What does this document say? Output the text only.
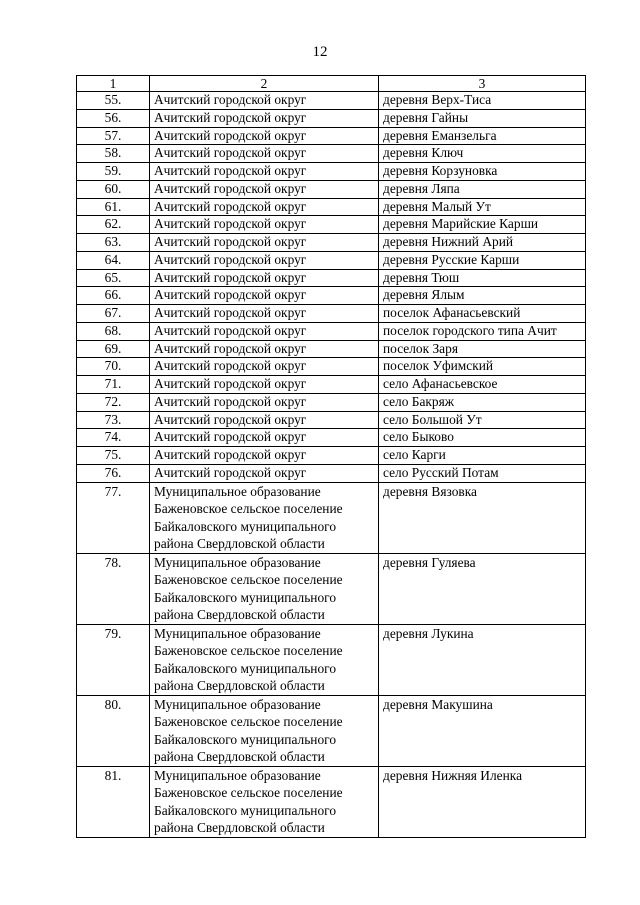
12
1	2	3
55.	Ачитский городской округ	деревня Верх-Тиса
56.	Ачитский городской округ	деревня Гайны
57.	Ачитский городской округ	деревня Еманзельга
58.	Ачитский городской округ	деревня Ключ
59.	Ачитский городской округ	деревня Корзуновка
60.	Ачитский городской округ	деревня Ляпа
61.	Ачитский городской округ	деревня Малый Ут
62.	Ачитский городской округ	деревня Марийские Карши
63.	Ачитский городской округ	деревня Нижний Арий
64.	Ачитский городской округ	деревня Русские Карши
65.	Ачитский городской округ	деревня Тюш
66.	Ачитский городской округ	деревня Ялым
67.	Ачитский городской округ	поселок Афанасьевский
68.	Ачитский городской округ	поселок городского типа Ачит
69.	Ачитский городской округ	поселок Заря
70.	Ачитский городской округ	поселок Уфимский
71.	Ачитский городской округ	село Афанасьевское
72.	Ачитский городской округ	село Бакряж
73.	Ачитский городской округ	село Большой Ут
74.	Ачитский городской округ	село Быково
75.	Ачитский городской округ	село Карги
76.	Ачитский городской округ	село Русский Потам
77.	Муниципальное образование
Баженовское сельское поселение
Байкаловского муниципального
района Свердловской области	деревня Вязовка
78.	Муниципальное образование
Баженовское сельское поселение
Байкаловского муниципального
района Свердловской области	деревня Гуляева
79.	Муниципальное образование
Баженовское сельское поселение
Байкаловского муниципального
района Свердловской области	деревня Лукина
80.	Муниципальное образование
Баженовское сельское поселение
Байкаловского муниципального
района Свердловской области	деревня Макушина
81.	Муниципальное образование
Баженовское сельское поселение
Байкаловского муниципального
района Свердловской области	деревня Нижняя Иленка
